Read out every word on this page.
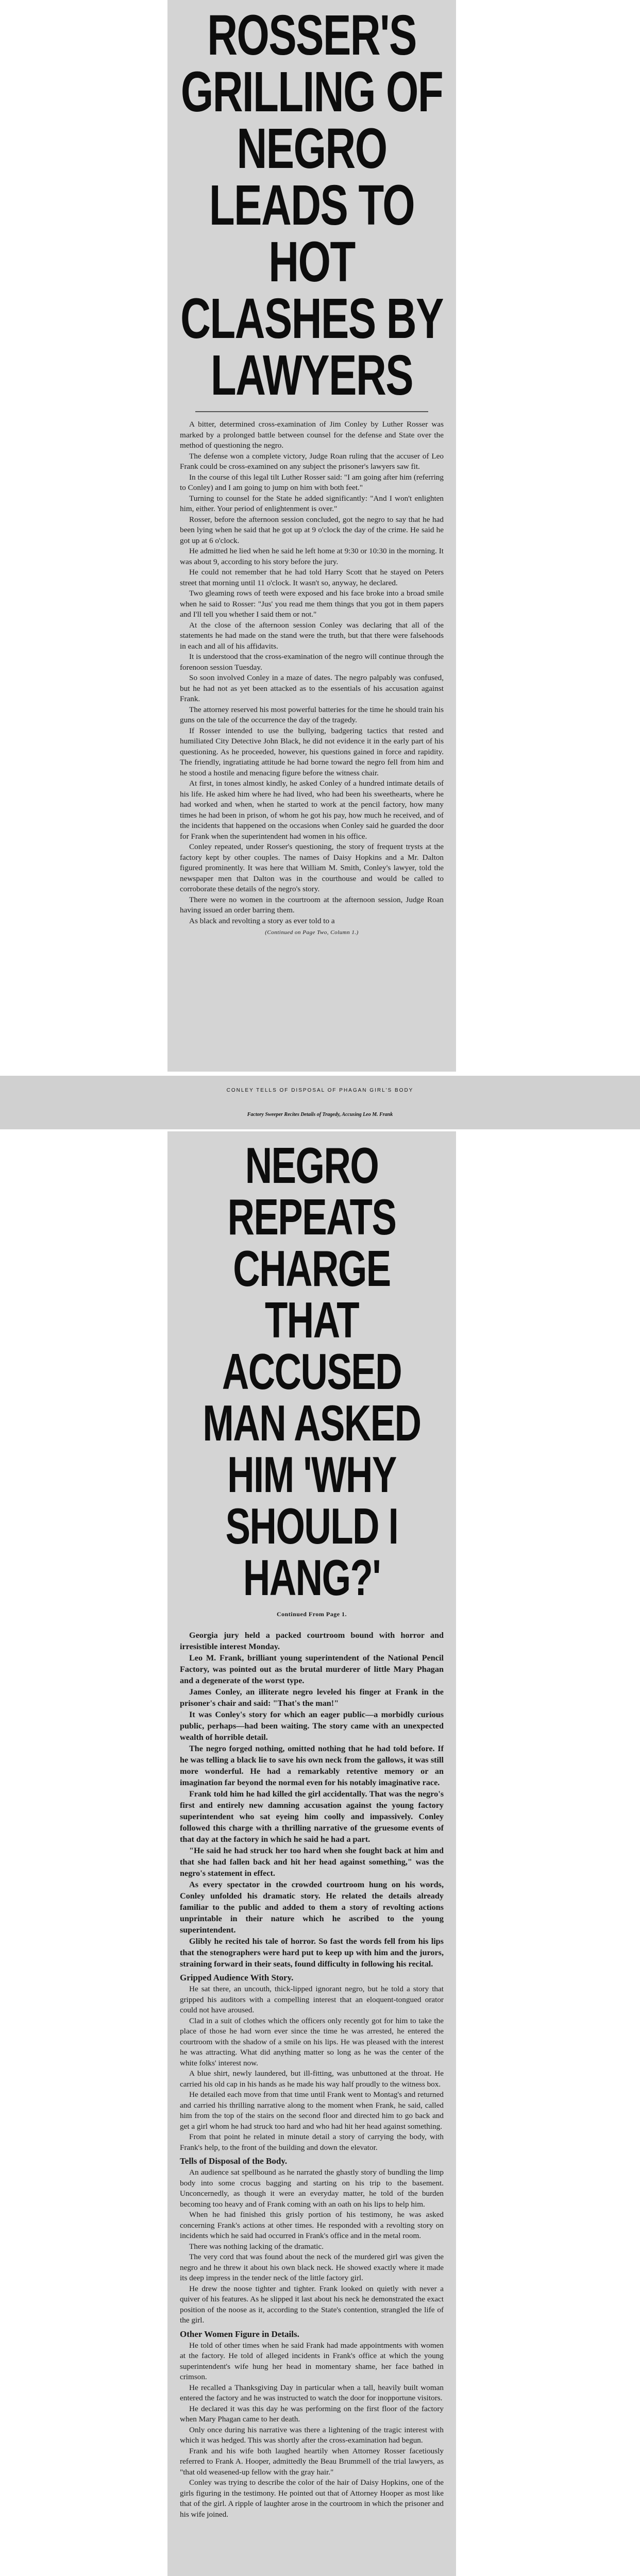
ROSSER'S GRILLING OF
NEGRO LEADS TO HOT
CLASHES BY LAWYERS

A bitter, determined cross-examination of Jim Conley by Luther Rosser was marked by a prolonged battle between counsel for the defense and State over the method of questioning the negro.

The defense won a complete victory, Judge Roan ruling that the accuser of Leo Frank could be cross-examined on any subject the prisoner's lawyers saw fit.

In the course of this legal tilt Luther Rosser said: "I am going after him (referring to Conley) and I am going to jump on him with both feet."

Turning to counsel for the State he added significantly: "And I won't enlighten him, either. Your period of enlightenment is over."

Rosser, before the afternoon session concluded, got the negro to say that he had been lying when he said that he got up at 9 o'clock the day of the crime. He said he got up at 6 o'clock.

He admitted he lied when he said he left home at 9:30 or 10:30 in the morning. It was about 9, according to his story before the jury.

He could not remember that he had told Harry Scott that he stayed on Peters street that morning until 11 o'clock. It wasn't so, anyway, he declared.

Two gleaming rows of teeth were exposed and his face broke into a broad smile when he said to Rosser: "Jus' you read me them things that you got in them papers and I'll tell you whether I said them or not."

At the close of the afternoon session Conley was declaring that all of the statements he had made on the stand were the truth, but that there were falsehoods in each and all of his affidavits.

It is understood that the cross-examination of the negro will continue through the forenoon session Tuesday.

So soon involved Conley in a maze of dates. The negro palpably was confused, but he had not as yet been attacked as to the essentials of his accusation against Frank.

The attorney reserved his most powerful batteries for the time he should train his guns on the tale of the occurrence the day of the tragedy.

If Rosser intended to use the bullying, badgering tactics that rested and humiliated City Detective John Black, he did not evidence it in the early part of his questioning. As he proceeded, however, his questions gained in force and rapidity. The friendly, ingratiating attitude he had borne toward the negro fell from him and he stood a hostile and menacing figure before the witness chair.

At first, in tones almost kindly, he asked Conley of a hundred intimate details of his life. He asked him where he had lived, who had been his sweethearts, where he had worked and when, when he started to work at the pencil factory, how many times he had been in prison, of whom he got his pay, how much he received, and of the incidents that happened on the occasions when Conley said he guarded the door for Frank when the superintendent had women in his office.

Conley repeated, under Rosser's questioning, the story of frequent trysts at the factory kept by other couples. The names of Daisy Hopkins and a Mr. Dalton figured prominently. It was here that William M. Smith, Conley's lawyer, told the newspaper men that Dalton was in the courthouse and would be called to corroborate these details of the negro's story.

There were no women in the courtroom at the afternoon session, Judge Roan having issued an order barring them.

As black and revolting a story as ever told to a

(Continued on Page Two, Column 1.)
CONLEY TELLS OF DISPOSAL OF PHAGAN GIRL'S BODY
Factory Sweeper Recites Details of Tragedy, Accusing Leo M. Frank
NEGRO REPEATS CHARGE
THAT ACCUSED MAN ASKED
HIM 'WHY SHOULD I HANG?'
Continued From Page 1.

Georgia jury held a packed courtroom bound with horror and irresistible interest Monday.

Leo M. Frank, brilliant young superintendent of the National Pencil Factory, was pointed out as the brutal murderer of little Mary Phagan and a degenerate of the worst type.

James Conley, an illiterate negro leveled his finger at Frank in the prisoner's chair and said: "That's the man!"

It was Conley's story for which an eager public—a morbidly curious public, perhaps—had been waiting. The story came with an unexpected wealth of horrible detail.

The negro forged nothing, omitted nothing that he had told before. If he was telling a black lie to save his own neck from the gallows, it was still more wonderful. He had a remarkably retentive memory or an imagination far beyond the normal even for his notably imaginative race.

Frank told him he had killed the girl accidentally. That was the negro's first and entirely new damning accusation against the young factory superintendent who sat eyeing him coolly and impassively. Conley followed this charge with a thrilling narrative of the gruesome events of that day at the factory in which he said he had a part.

"He said he had struck her too hard when she fought back at him and that she had fallen back and hit her head against something," was the negro's statement in effect.

As every spectator in the crowded courtroom hung on his words, Conley unfolded his dramatic story. He related the details already familiar to the public and added to them a story of revolting actions unprintable in their nature which he ascribed to the young superintendent.

Glibly he recited his tale of horror. So fast the words fell from his lips that the stenographers were hard put to keep up with him and the jurors, straining forward in their seats, found difficulty in following his recital.

Gripped Audience With Story.

He sat there, an uncouth, thick-lipped ignorant negro, but he told a story that gripped his auditors with a compelling interest that an eloquent-tongued orator could not have aroused.

Clad in a suit of clothes which the officers only recently got for him to take the place of those he had worn ever since the time he was arrested, he entered the courtroom with the shadow of a smile on his lips. He was pleased with the interest he was attracting. What did anything matter so long as he was the center of the white folks' interest now.

A blue shirt, newly laundered, but ill-fitting, was unbuttoned at the throat. He carried his old cap in his hands as he made his way half proudly to the witness box.

He detailed each move from that time until Frank went to Montag's and returned and carried his thrilling narrative along to the moment when Frank, he said, called him from the top of the stairs on the second floor and directed him to go back and get a girl whom he had struck too hard and who had hit her head against something.

From that point he related in minute detail a story of carrying the body, with Frank's help, to the front of the building and down the elevator.

Tells of Disposal of the Body.

An audience sat spellbound as he narrated the ghastly story of bundling the limp body into some crocus bagging and starting on his trip to the basement. Unconcernedly, as though it were an everyday matter, he told of the burden becoming too heavy and of Frank coming with an oath on his lips to help him.

When he had finished this grisly portion of his testimony, he was asked concerning Frank's actions at other times. He responded with a revolting story on incidents which he said had occurred in Frank's office and in the metal room.

There was nothing lacking of the dramatic.

The very cord that was found about the neck of the murdered girl was given the negro and he threw it about his own black neck. He showed exactly where it made its deep impress in the tender neck of the little factory girl.

He drew the noose tighter and tighter. Frank looked on quietly with never a quiver of his features. As he slipped it last about his neck he demonstrated the exact position of the noose as it, according to the State's contention, strangled the life of the girl.

Other Women Figure in Details.

He told of other times when he said Frank had made appointments with women at the factory. He told of alleged incidents in Frank's office at which the young superintendent's wife hung her head in momentary shame, her face bathed in crimson.

He recalled a Thanksgiving Day in particular when a tall, heavily built woman entered the factory and he was instructed to watch the door for inopportune visitors.

He declared it was this day he was performing on the first floor of the factory when Mary Phagan came to her death.

Only once during his narrative was there a lightening of the tragic interest with which it was hedged. This was shortly after the cross-examination had begun.

Frank and his wife both laughed heartily when Attorney Rosser facetiously referred to Frank A. Hooper, admittedly the Beau Brummell of the trial lawyers, as "that old weasened-up fellow with the gray hair."

Conley was trying to describe the color of the hair of Daisy Hopkins, one of the girls figuring in the testimony. He pointed out that of Attorney Hooper as most like that of the girl. A ripple of laughter arose in the courtroom in which the prisoner and his wife joined.
